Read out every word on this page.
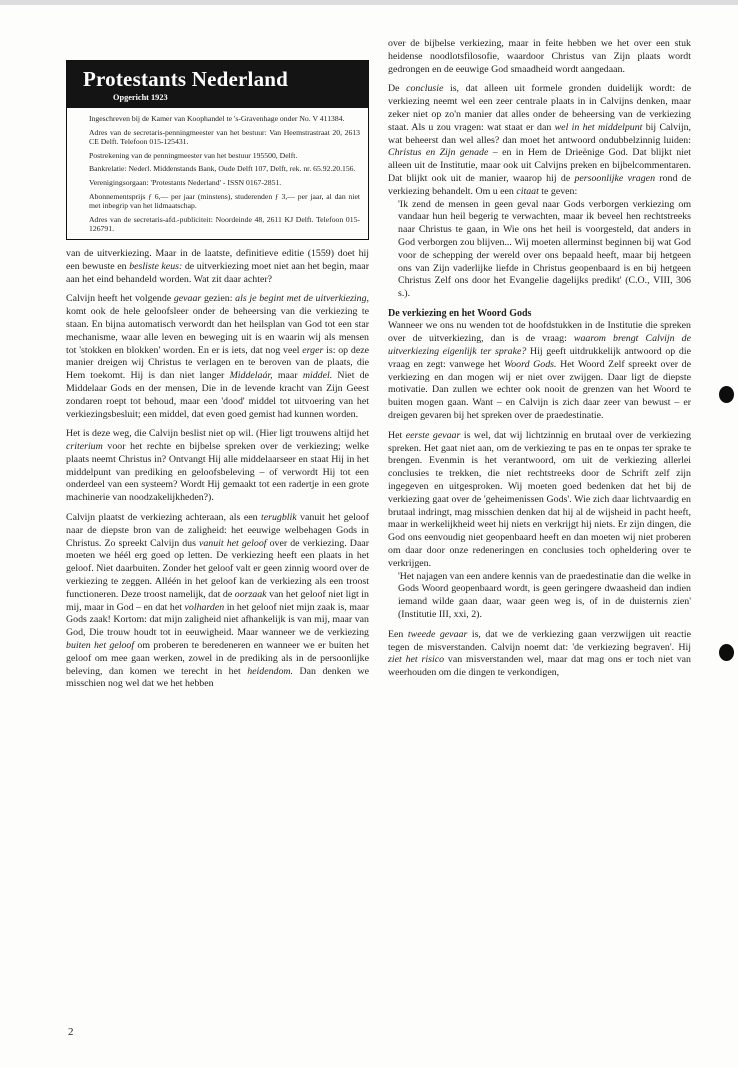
Protestants Nederland
Opgericht 1923
Ingeschreven bij de Kamer van Koophandel te 's-Gravenhage onder No. V 411384.
Adres van de secretaris-penningmeester van het bestuur: Van Heemstrastraat 20, 2613 CE Delft. Telefoon 015-125431.
Postrekening van de penningmeester van het bestuur 195500, Delft.
Bankrelatie: Nederl. Middenstands Bank, Oude Delft 107, Delft, rek. nr. 65.92.20.156.
Verenigingsorgaan: 'Protestants Nederland' - ISSN 0167-2851.
Abonnementsprijs ƒ 6,— per jaar (minstens), studerenden ƒ 3,— per jaar, al dan niet met inbegrip van het lidmaatschap.
Adres van de secretaris-afd.-publiciteit: Noordeinde 48, 2611 KJ Delft. Telefoon 015-126791.

van de uitverkiezing. Maar in de laatste, definitieve editie (1559) doet hij een bewuste en besliste keus: de uitverkiezing moet niet aan het begin, maar aan het eind behandeld worden. Wat zit daar achter?

Calvijn heeft het volgende gevaar gezien: als je begint met de uitverkiezing, komt ook de hele geloofsleer onder de beheersing van die verkiezing te staan. En bijna automatisch verwordt dan het heilsplan van God tot een star mechanisme, waar alle leven en beweging uit is en waarin wij als mensen tot 'stokken en blokken' worden. En er is iets, dat nog veel erger is: op deze manier dreigen wij Christus te verlagen en te beroven van de plaats, die Hem toekomt. Hij is dan niet langer Middelaár, maar middel. Niet de Middelaar Gods en der mensen, Die in de levende kracht van Zijn Geest zondaren roept tot behoud, maar een 'dood' middel tot uitvoering van het verkiezingsbesluit; een middel, dat even goed gemist had kunnen worden.

Het is deze weg, die Calvijn beslist niet op wil. (Hier ligt trouwens altijd het criterium voor het rechte en bijbelse spreken over de verkiezing; welke plaats neemt Christus in? Ontvangt Hij alle middelaarseer en staat Hij in het middelpunt van prediking en geloofsbeleving – of verwordt Hij tot een onderdeel van een systeem? Wordt Hij gemaakt tot een radertje in een grote machinerie van noodzakelijkheden?).

Calvijn plaatst de verkiezing achteraan, als een terugblik vanuit het geloof naar de diepste bron van de zaligheid: het eeuwige welbehagen Gods in Christus. Zo spreekt Calvijn dus vanuit het geloof over de verkiezing. Daar moeten we héél erg goed op letten. De verkiezing heeft een plaats in het geloof. Niet daarbuiten. Zonder het geloof valt er geen zinnig woord over de verkiezing te zeggen. Alléén in het geloof kan de verkiezing als een troost functioneren. Deze troost namelijk, dat de oorzaak van het geloof niet ligt in mij, maar in God – en dat het volharden in het geloof niet mijn zaak is, maar Gods zaak! Kortom: dat mijn zaligheid niet afhankelijk is van mij, maar van God, Die trouw houdt tot in eeuwigheid. Maar wanneer we de verkiezing buiten het geloof om proberen te beredeneren en wanneer we er buiten het geloof om mee gaan werken, zowel in de prediking als in de persoonlijke beleving, dan komen we terecht in het heidendom. Dan denken we misschien nog wel dat we het hebben

over de bijbelse verkiezing, maar in feite hebben we het over een stuk heidense noodlotsfilosofie, waardoor Christus van Zijn plaats wordt gedrongen en de eeuwige God smaadheid wordt aangedaan.

De conclusie is, dat alleen uit formele gronden duidelijk wordt: de verkiezing neemt wel een zeer centrale plaats in in Calvijns denken, maar zeker niet op zo'n manier dat alles onder de beheersing van de verkiezing staat. Als u zou vragen: wat staat er dan wel in het middelpunt bij Calvijn, wat beheerst dan wel alles? dan moet het antwoord ondubbelzinnig luiden: Christus en Zijn genade – en in Hem de Drieënige God. Dat blijkt niet alleen uit de Institutie, maar ook uit Calvijns preken en bijbelcommentaren. Dat blijkt ook uit de manier, waarop hij de persoonlijke vragen rond de verkiezing behandelt. Om u een citaat te geven:

'Ik zend de mensen in geen geval naar Gods verborgen verkiezing om vandaar hun heil begerig te verwachten, maar ik beveel hen rechtstreeks naar Christus te gaan, in Wie ons het heil is voorgesteld, dat anders in God verborgen zou blijven... Wij moeten allerminst beginnen bij wat God voor de schepping der wereld over ons bepaald heeft, maar bij hetgeen ons van Zijn vaderlijke liefde in Christus geopenbaard is en bij hetgeen Christus Zelf ons door het Evangelie dagelijks predikt' (C.O., VIII, 306 s.).

De verkiezing en het Woord Gods

Wanneer we ons nu wenden tot de hoofdstukken in de Institutie die spreken over de uitverkiezing, dan is de vraag: waarom brengt Calvijn de uitverkiezing eigenlijk ter sprake? Hij geeft uitdrukkelijk antwoord op die vraag en zegt: vanwege het Woord Gods. Het Woord Zelf spreekt over de verkiezing en dan mogen wij er niet over zwijgen. Daar ligt de diepste motivatie. Dan zullen we echter ook nooit de grenzen van het Woord te buiten mogen gaan. Want – en Calvijn is zich daar zeer van bewust – er dreigen gevaren bij het spreken over de praedestinatie.

Het eerste gevaar is wel, dat wij lichtzinnig en brutaal over de verkiezing spreken. Het gaat niet aan, om de verkiezing te pas en te onpas ter sprake te brengen. Evenmin is het verantwoord, om uit de verkiezing allerlei conclusies te trekken, die niet rechtstreeks door de Schrift zelf zijn ingegeven en uitgesproken. Wij moeten goed bedenken dat het bij de verkiezing gaat over de 'geheimenissen Gods'. Wie zich daar lichtvaardig en brutaal indringt, mag misschien denken dat hij al de wijsheid in pacht heeft, maar in werkelijkheid weet hij niets en verkrijgt hij niets. Er zijn dingen, die God ons eenvoudig niet geopenbaard heeft en dan moeten wij niet proberen om daar door onze redeneringen en conclusies toch opheldering over te verkrijgen.

'Het najagen van een andere kennis van de praedestinatie dan die welke in Gods Woord geopenbaard wordt, is geen geringere dwaasheid dan indien iemand wilde gaan daar, waar geen weg is, of in de duisternis zien' (Institutie III, xxi, 2).

Een tweede gevaar is, dat we de verkiezing gaan verzwijgen uit reactie tegen de misverstanden. Calvijn noemt dat: 'de verkiezing begraven'. Hij ziet het risico van misverstanden wel, maar dat mag ons er toch niet van weerhouden om die dingen te verkondigen,

2
